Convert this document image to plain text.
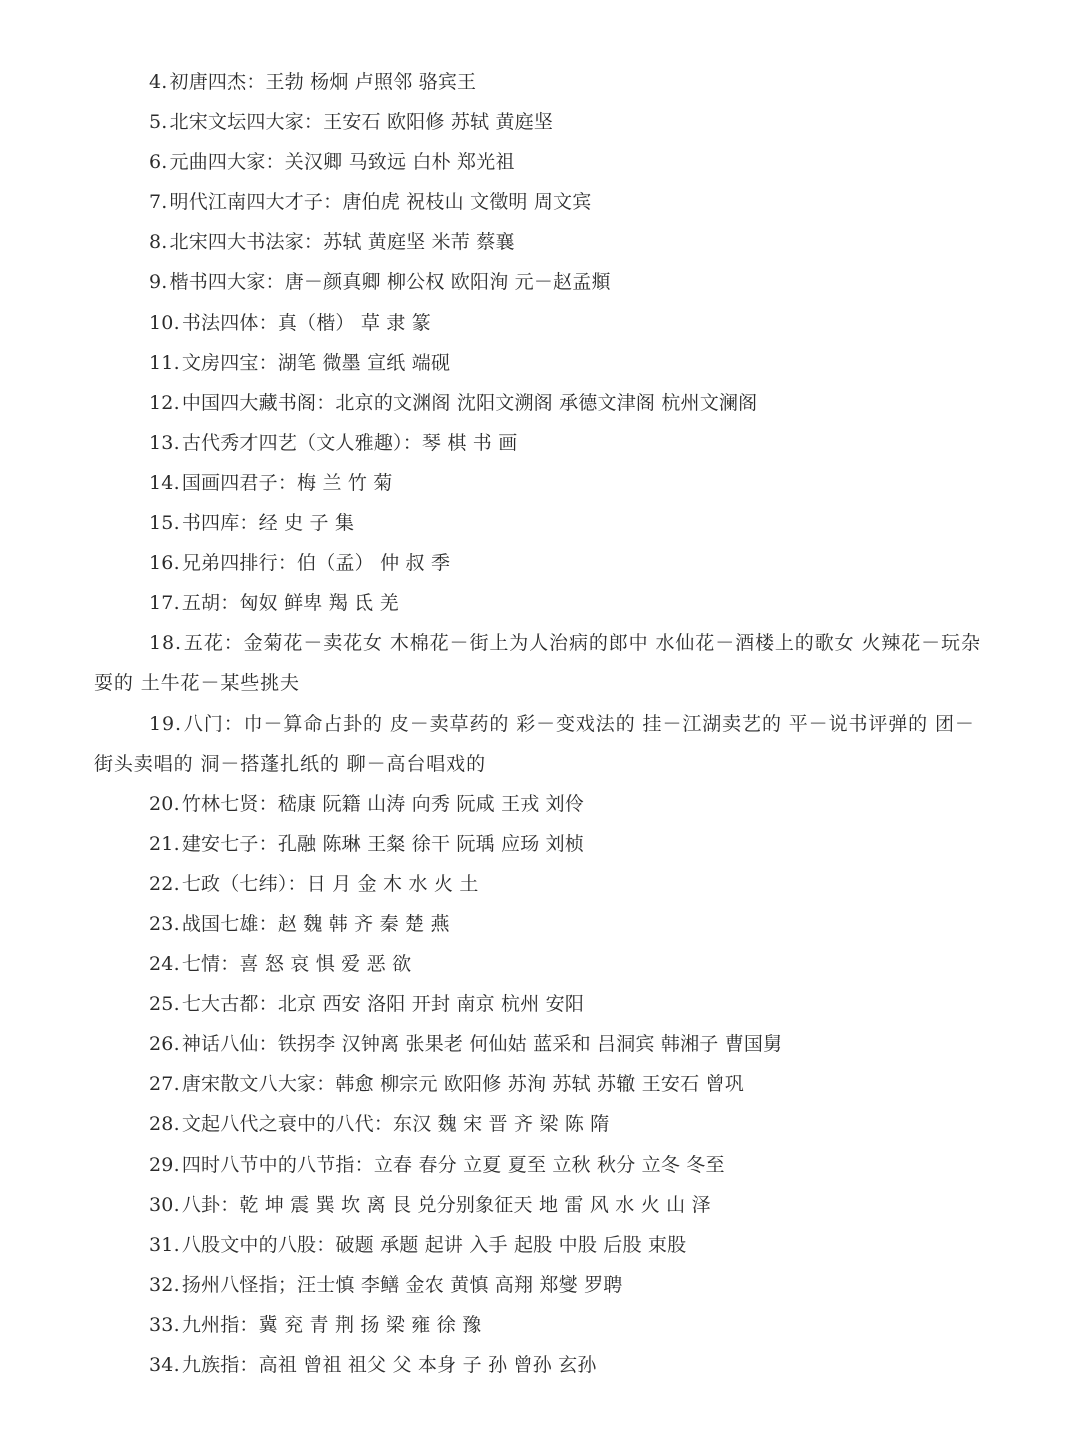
4. 初唐四杰：王勃 杨炯 卢照邻 骆宾王

5. 北宋文坛四大家：王安石 欧阳修 苏轼 黄庭坚

6. 元曲四大家：关汉卿 马致远 白朴 郑光祖

7. 明代江南四大才子：唐伯虎 祝枝山 文徵明 周文宾

8. 北宋四大书法家：苏轼 黄庭坚 米芾 蔡襄

9. 楷书四大家：唐－颜真卿 柳公权 欧阳洵 元－赵孟頫

10. 书法四体：真（楷） 草 隶 篆

11. 文房四宝：湖笔 微墨 宣纸 端砚

12. 中国四大藏书阁：北京的文渊阁 沈阳文溯阁 承德文津阁 杭州文澜阁

13. 古代秀才四艺（文人雅趣）：琴 棋 书 画

14. 国画四君子：梅 兰 竹 菊

15. 书四库：经 史 子 集

16. 兄弟四排行：伯（孟） 仲 叔 季

17. 五胡：匈奴 鲜卑 羯 氐 羌

18. 五花：金菊花－卖花女 木棉花－街上为人治病的郎中 水仙花－酒楼上的歌女 火辣花－玩杂耍的 土牛花－某些挑夫

19. 八门：巾－算命占卦的 皮－卖草药的 彩－变戏法的 挂－江湖卖艺的 平－说书评弹的 团－街头卖唱的 洞－搭蓬扎纸的 聊－高台唱戏的

20. 竹林七贤：嵇康 阮籍 山涛 向秀 阮咸 王戎 刘伶

21. 建安七子：孔融 陈琳 王粲 徐干 阮瑀 应玚 刘桢

22. 七政（七纬）：日 月 金 木 水 火 土

23. 战国七雄：赵 魏 韩 齐 秦 楚 燕

24. 七情：喜 怒 哀 惧 爱 恶 欲

25. 七大古都：北京 西安 洛阳 开封 南京 杭州 安阳

26. 神话八仙：铁拐李 汉钟离 张果老 何仙姑 蓝采和 吕洞宾 韩湘子 曹国舅

27. 唐宋散文八大家：韩愈 柳宗元 欧阳修 苏洵 苏轼 苏辙 王安石 曾巩

28. 文起八代之衰中的八代：东汉 魏 宋 晋 齐 梁 陈 隋

29. 四时八节中的八节指：立春 春分 立夏 夏至 立秋 秋分 立冬 冬至

30. 八卦：乾 坤 震 巽 坎 离 艮 兑分别象征天 地 雷 风 水 火 山 泽

31. 八股文中的八股：破题 承题 起讲 入手 起股 中股 后股 束股

32. 扬州八怪指；汪士慎 李鳝 金农 黄慎 高翔 郑燮 罗聘

33. 九州指：冀 兖 青 荆 扬 梁 雍 徐 豫

34. 九族指：高祖 曾祖 祖父 父 本身 子 孙 曾孙 玄孙
